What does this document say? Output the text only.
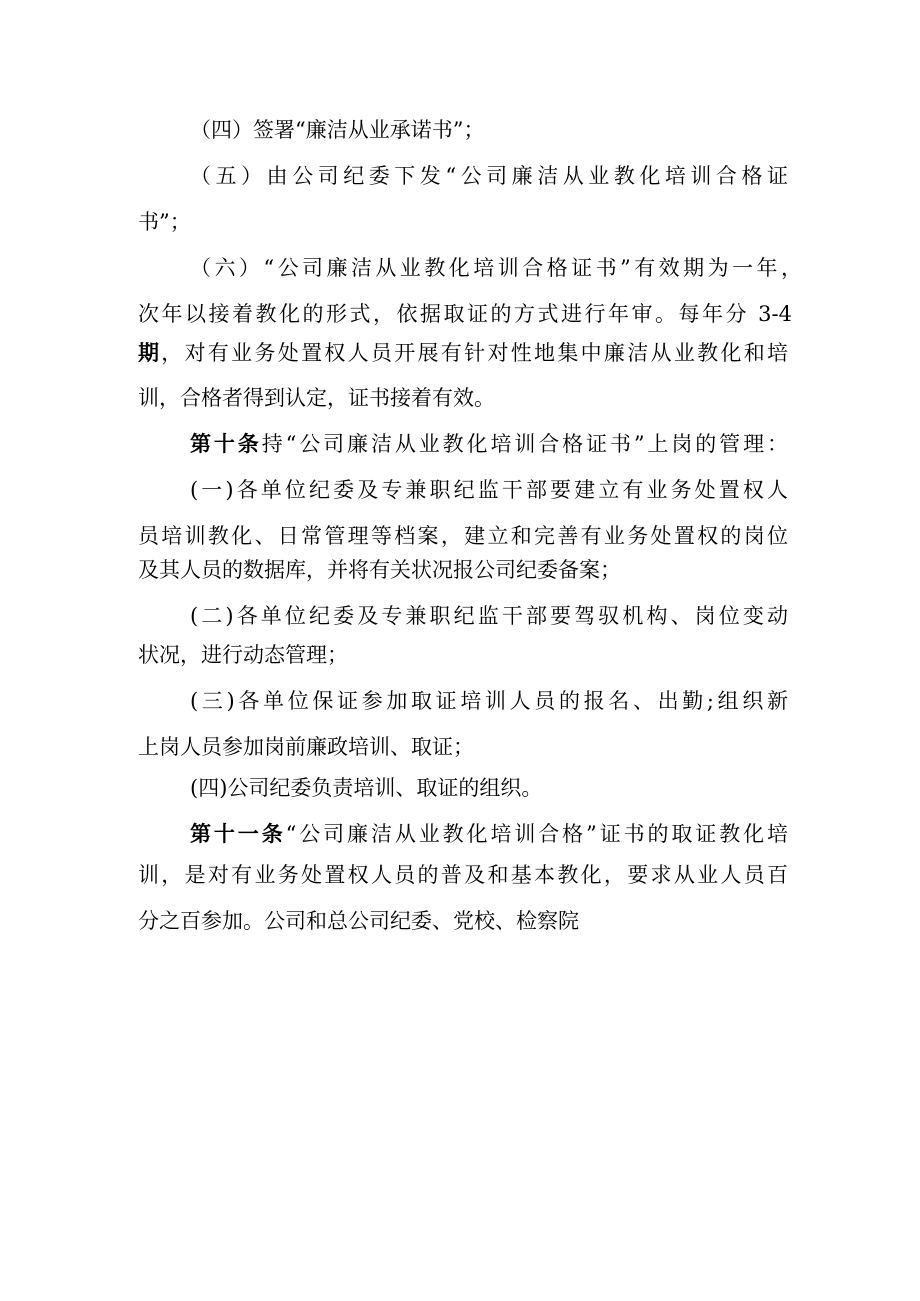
（四）签署“廉洁从业承诺书”；
（五）由公司纪委下发“公司廉洁从业教化培训合格证
书”；
（六）“公司廉洁从业教化培训合格证书”有效期为一年，
次年以接着教化的形式，依据取证的方式进行年审。每年分 3-4
期，对有业务处置权人员开展有针对性地集中廉洁从业教化和培
训，合格者得到认定，证书接着有效。
第十条持“公司廉洁从业教化培训合格证书”上岗的管理：
(一)各单位纪委及专兼职纪监干部要建立有业务处置权人
员培训教化、日常管理等档案，建立和完善有业务处置权的岗位
及其人员的数据库，并将有关状况报公司纪委备案；
(二)各单位纪委及专兼职纪监干部要驾驭机构、岗位变动
状况，进行动态管理；
(三)各单位保证参加取证培训人员的报名、出勤;组织新
上岗人员参加岗前廉政培训、取证；
(四)公司纪委负责培训、取证的组织。
第十一条“公司廉洁从业教化培训合格”证书的取证教化培
训，是对有业务处置权人员的普及和基本教化，要求从业人员百
分之百参加。公司和总公司纪委、党校、检察院
